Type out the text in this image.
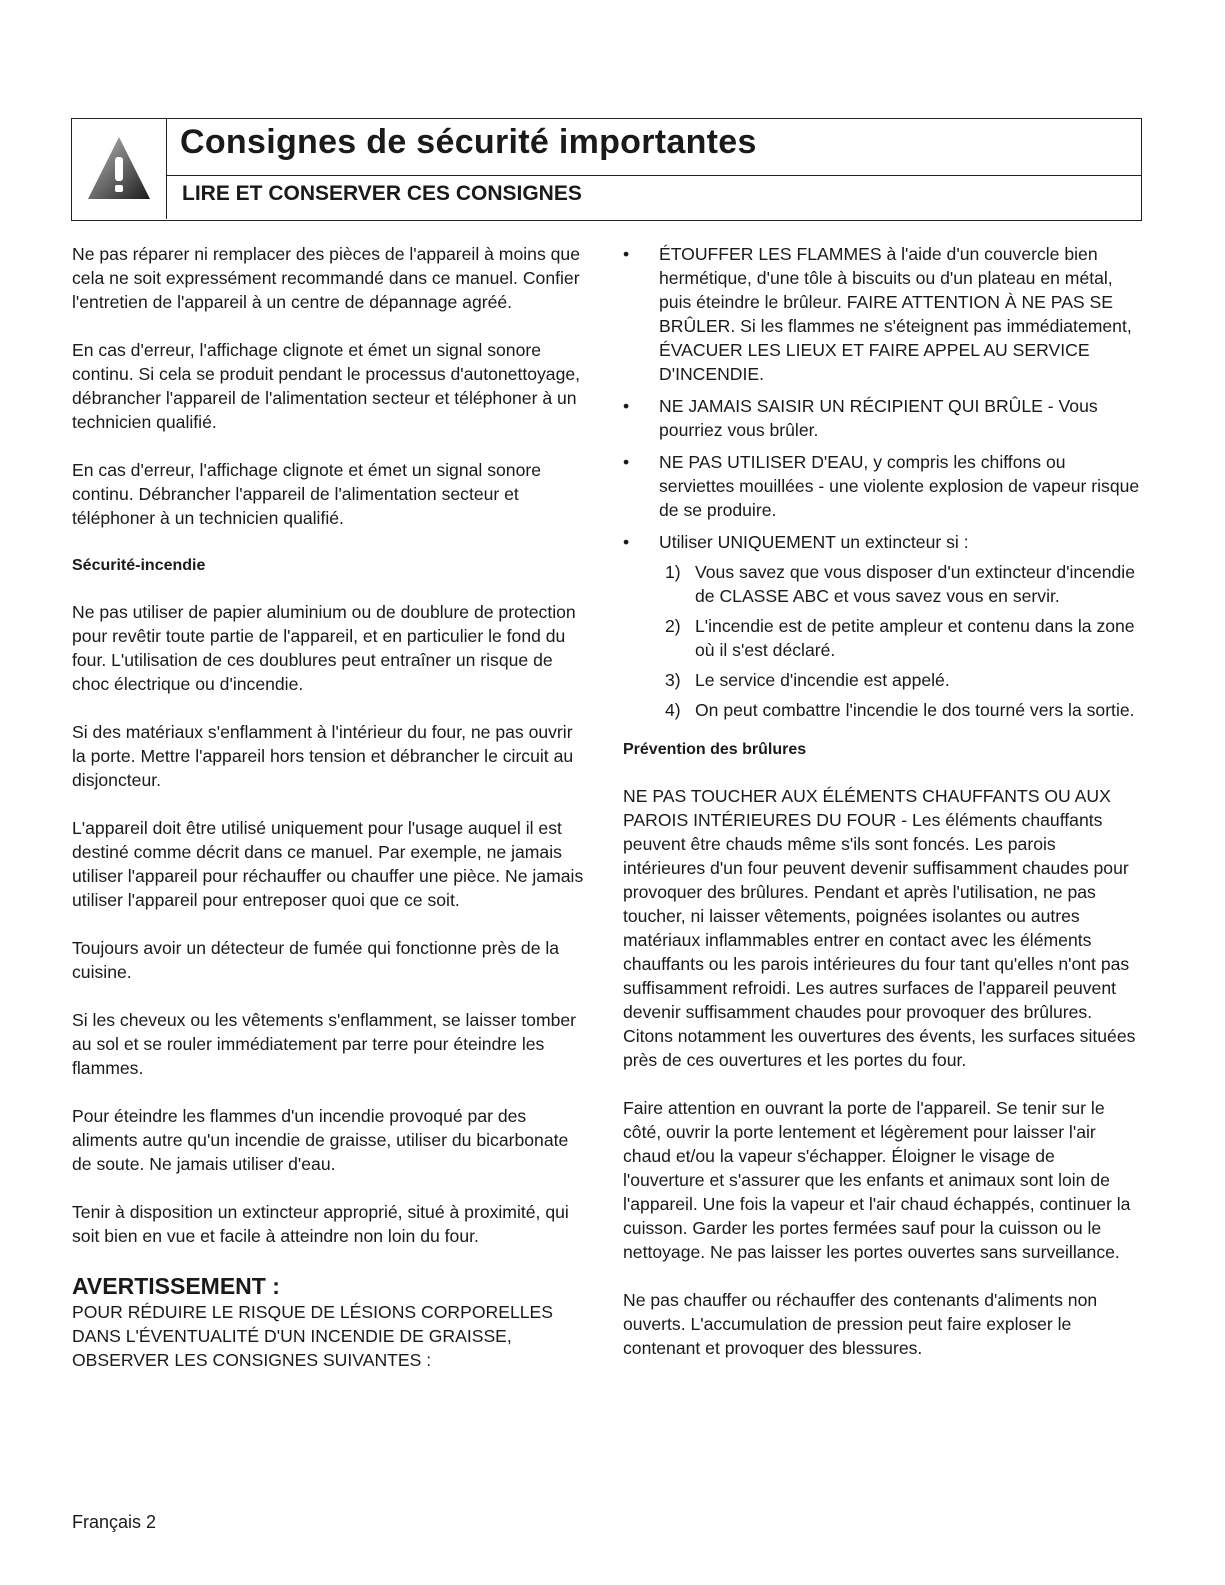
Consignes de sécurité importantes
LIRE ET CONSERVER CES CONSIGNES

Ne pas réparer ni remplacer des pièces de l'appareil à moins que cela ne soit expressément recommandé dans ce manuel. Confier l'entretien de l'appareil à un centre de dépannage agréé.

En cas d'erreur, l'affichage clignote et émet un signal sonore continu. Si cela se produit pendant le processus d'autonettoyage, débrancher l'appareil de l'alimentation secteur et téléphoner à un technicien qualifié.

En cas d'erreur, l'affichage clignote et émet un signal sonore continu. Débrancher l'appareil de l'alimentation secteur et téléphoner à un technicien qualifié.

Sécurité-incendie

Ne pas utiliser de papier aluminium ou de doublure de protection pour revêtir toute partie de l'appareil, et en particulier le fond du four. L'utilisation de ces doublures peut entraîner un risque de choc électrique ou d'incendie.

Si des matériaux s'enflamment à l'intérieur du four, ne pas ouvrir la porte. Mettre l'appareil hors tension et débrancher le circuit au disjoncteur.

L'appareil doit être utilisé uniquement pour l'usage auquel il est destiné comme décrit dans ce manuel. Par exemple, ne jamais utiliser l'appareil pour réchauffer ou chauffer une pièce. Ne jamais utiliser l'appareil pour entreposer quoi que ce soit.

Toujours avoir un détecteur de fumée qui fonctionne près de la cuisine.

Si les cheveux ou les vêtements s'enflamment, se laisser tomber au sol et se rouler immédiatement par terre pour éteindre les flammes.

Pour éteindre les flammes d'un incendie provoqué par des aliments autre qu'un incendie de graisse, utiliser du bicarbonate de soute. Ne jamais utiliser d'eau.

Tenir à disposition un extincteur approprié, situé à proximité, qui soit bien en vue et facile à atteindre non loin du four.

AVERTISSEMENT :

POUR RÉDUIRE LE RISQUE DE LÉSIONS CORPORELLES DANS L'ÉVENTUALITÉ D'UN INCENDIE DE GRAISSE, OBSERVER LES CONSIGNES SUIVANTES :

• ÉTOUFFER LES FLAMMES à l'aide d'un couvercle bien hermétique, d'une tôle à biscuits ou d'un plateau en métal, puis éteindre le brûleur. FAIRE ATTENTION À NE PAS SE BRÛLER. Si les flammes ne s'éteignent pas immédiatement, ÉVACUER LES LIEUX ET FAIRE APPEL AU SERVICE D'INCENDIE.
• NE JAMAIS SAISIR UN RÉCIPIENT QUI BRÛLE - Vous pourriez vous brûler.
• NE PAS UTILISER D'EAU, y compris les chiffons ou serviettes mouillées - une violente explosion de vapeur risque de se produire.
• Utiliser UNIQUEMENT un extincteur si :
1) Vous savez que vous disposer d'un extincteur d'incendie de CLASSE ABC et vous savez vous en servir.
2) L'incendie est de petite ampleur et contenu dans la zone où il s'est déclaré.
3) Le service d'incendie est appelé.
4) On peut combattre l'incendie le dos tourné vers la sortie.
Prévention des brûlures

NE PAS TOUCHER AUX ÉLÉMENTS CHAUFFANTS OU AUX PAROIS INTÉRIEURES DU FOUR - Les éléments chauffants peuvent être chauds même s'ils sont foncés. Les parois intérieures d'un four peuvent devenir suffisamment chaudes pour provoquer des brûlures. Pendant et après l'utilisation, ne pas toucher, ni laisser vêtements, poignées isolantes ou autres matériaux inflammables entrer en contact avec les éléments chauffants ou les parois intérieures du four tant qu'elles n'ont pas suffisamment refroidi. Les autres surfaces de l'appareil peuvent devenir suffisamment chaudes pour provoquer des brûlures. Citons notamment les ouvertures des évents, les surfaces situées près de ces ouvertures et les portes du four.

Faire attention en ouvrant la porte de l'appareil. Se tenir sur le côté, ouvrir la porte lentement et légèrement pour laisser l'air chaud et/ou la vapeur s'échapper. Éloigner le visage de l'ouverture et s'assurer que les enfants et animaux sont loin de l'appareil. Une fois la vapeur et l'air chaud échappés, continuer la cuisson. Garder les portes fermées sauf pour la cuisson ou le nettoyage. Ne pas laisser les portes ouvertes sans surveillance.

Ne pas chauffer ou réchauffer des contenants d'aliments non ouverts. L'accumulation de pression peut faire exploser le contenant et provoquer des blessures.

Français 2
